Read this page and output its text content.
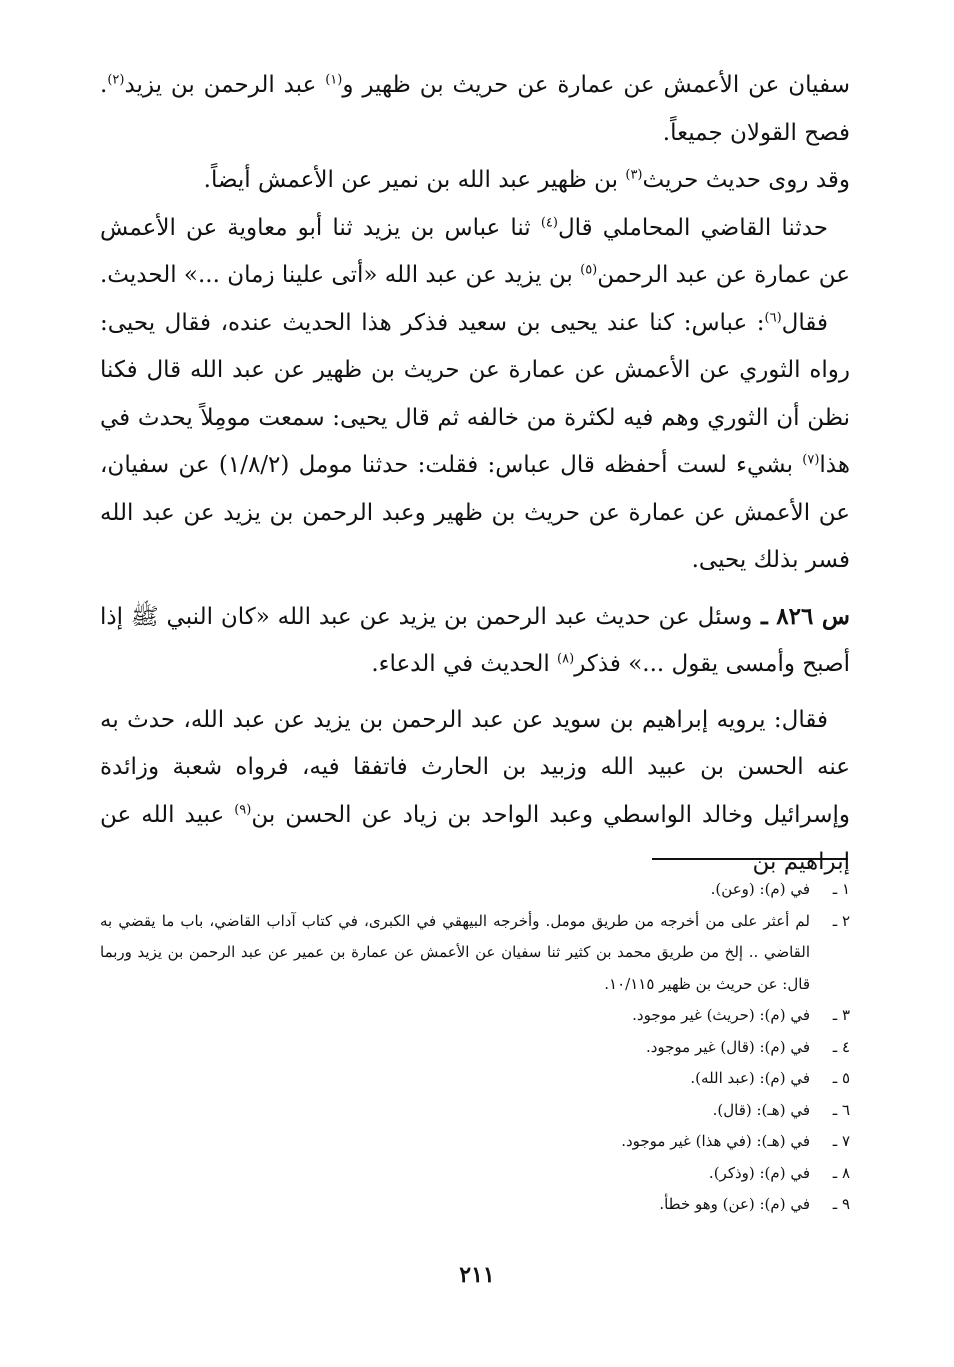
سفيان عن الأعمش عن عمارة عن حريث بن ظهير و$^{(١)}$ عبد الرحمن بن يزيد$^{(٢)}$. فصح القولان جميعاً.

وقد روى حديث حريث$^{(٣)}$ بن ظهير عبد الله بن نمير عن الأعمش أيضاً.

حدثنا القاضي المحاملي قال$^{(٤)}$ ثنا عباس بن يزيد ثنا أبو معاوية عن الأعمش عن عمارة عن عبد الرحمن$^{(٥)}$ بن يزيد عن عبد الله «أتى علينا زمان ...» الحديث.

فقال$^{(٦)}$: عباس: كنا عند يحيى بن سعيد فذكر هذا الحديث عنده، فقال يحيى: رواه الثوري عن الأعمش عن عمارة عن حريث بن ظهير عن عبد الله قال فكنا نظن أن الثوري وهم فيه لكثرة من خالفه ثم قال يحيى: سمعت مومِلاً يحدث في هذا$^{(٧)}$ بشيء لست أحفظه قال عباس: فقلت: حدثنا مومل (١/٨/٢) عن سفيان، عن الأعمش عن عمارة عن حريث بن ظهير وعبد الرحمن بن يزيد عن عبد الله فسر بذلك يحيى.

س ٨٢٦ ـ وسئل عن حديث عبد الرحمن بن يزيد عن عبد الله «كان النبي ﷺ إذا أصبح وأمسى يقول ...» فذكر$^{(٨)}$ الحديث في الدعاء.

فقال: يرويه إبراهيم بن سويد عن عبد الرحمن بن يزيد عن عبد الله، حدث به عنه الحسن بن عبيد الله وزبيد بن الحارث فاتفقا فيه، فرواه شعبة وزائدة وإسرائيل وخالد الواسطي وعبد الواحد بن زياد عن الحسن بن$^{(٩)}$ عبيد الله عن إبراهيم بن

١ ـ
في (م): (وعن).
٢ ـ
لم أعثر على من أخرجه من طريق مومل. وأخرجه البيهقي في الكبرى، في كتاب آداب القاضي، باب ما يقضي به القاضي .. إلخ من طريق محمد بن كثير ثنا سفيان عن الأعمش عن عمارة بن عمير عن عبد الرحمن بن يزيد وربما قال: عن حريث بن ظهير ١٠/١١٥.
٣ ـ
في (م): (حريث) غير موجود.
٤ ـ
في (م): (قال) غير موجود.
٥ ـ
في (م): (عبد الله).
٦ ـ
في (هـ): (قال).
٧ ـ
في (هـ): (في هذا) غير موجود.
٨ ـ
في (م): (وذكر).
٩ ـ
في (م): (عن) وهو خطأ.
٢١١
